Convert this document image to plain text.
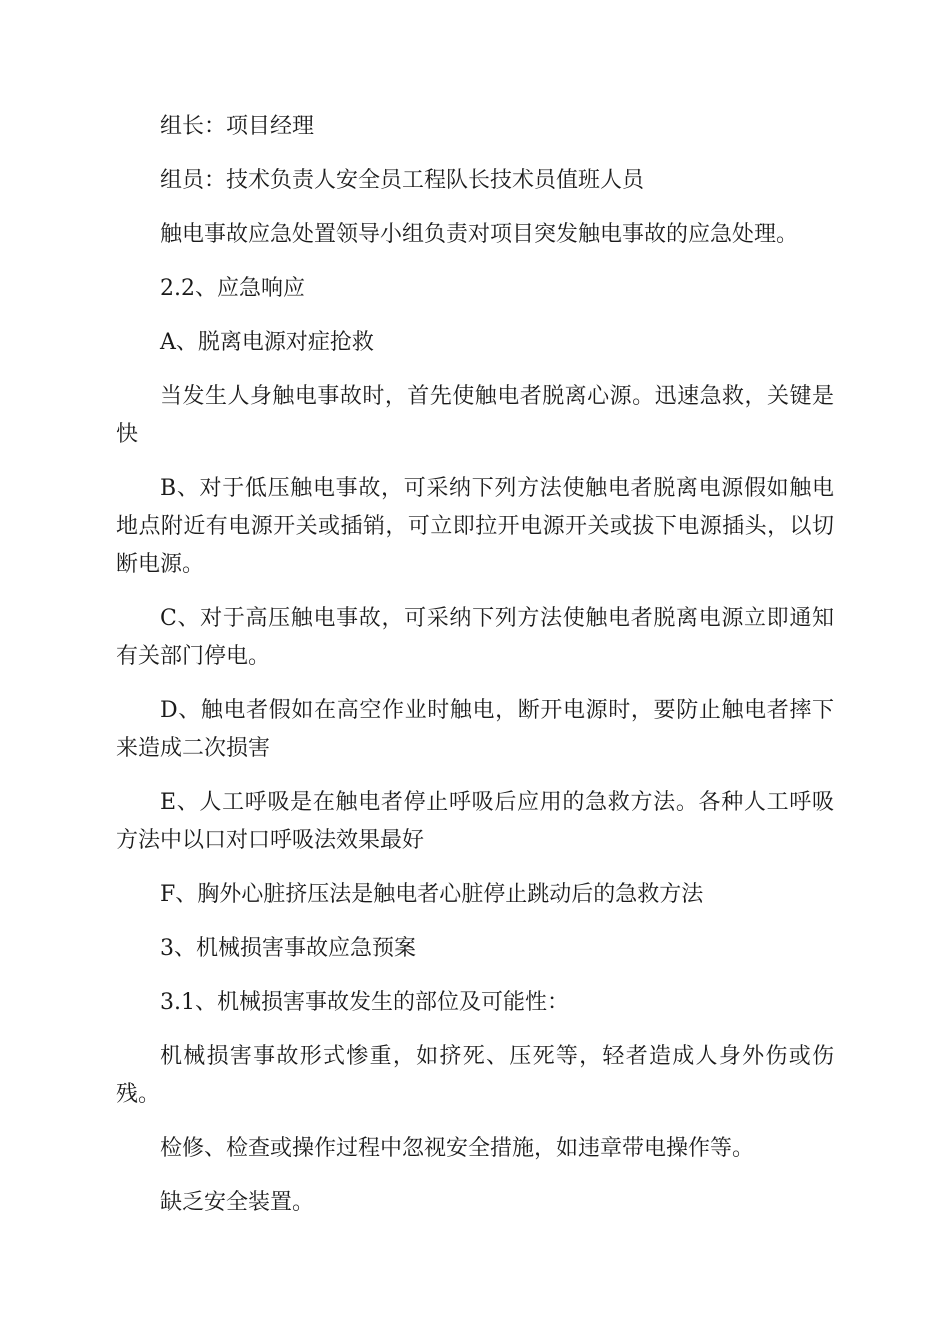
组长：项目经理

组员：技术负责人安全员工程队长技术员值班人员

触电事故应急处置领导小组负责对项目突发触电事故的应急处理。

2.2、应急响应

A、脱离电源对症抢救

当发生人身触电事故时，首先使触电者脱离心源。迅速急救，关键是快

B、对于低压触电事故，可采纳下列方法使触电者脱离电源假如触电地点附近有电源开关或插销，可立即拉开电源开关或拔下电源插头，以切断电源。

C、对于高压触电事故，可采纳下列方法使触电者脱离电源立即通知有关部门停电。

D、触电者假如在高空作业时触电，断开电源时，要防止触电者摔下来造成二次损害

E、人工呼吸是在触电者停止呼吸后应用的急救方法。各种人工呼吸方法中以口对口呼吸法效果最好

F、胸外心脏挤压法是触电者心脏停止跳动后的急救方法

3、机械损害事故应急预案

3.1、机械损害事故发生的部位及可能性：

机械损害事故形式惨重，如挤死、压死等，轻者造成人身外伤或伤残。

检修、检查或操作过程中忽视安全措施，如违章带电操作等。

缺乏安全装置。
